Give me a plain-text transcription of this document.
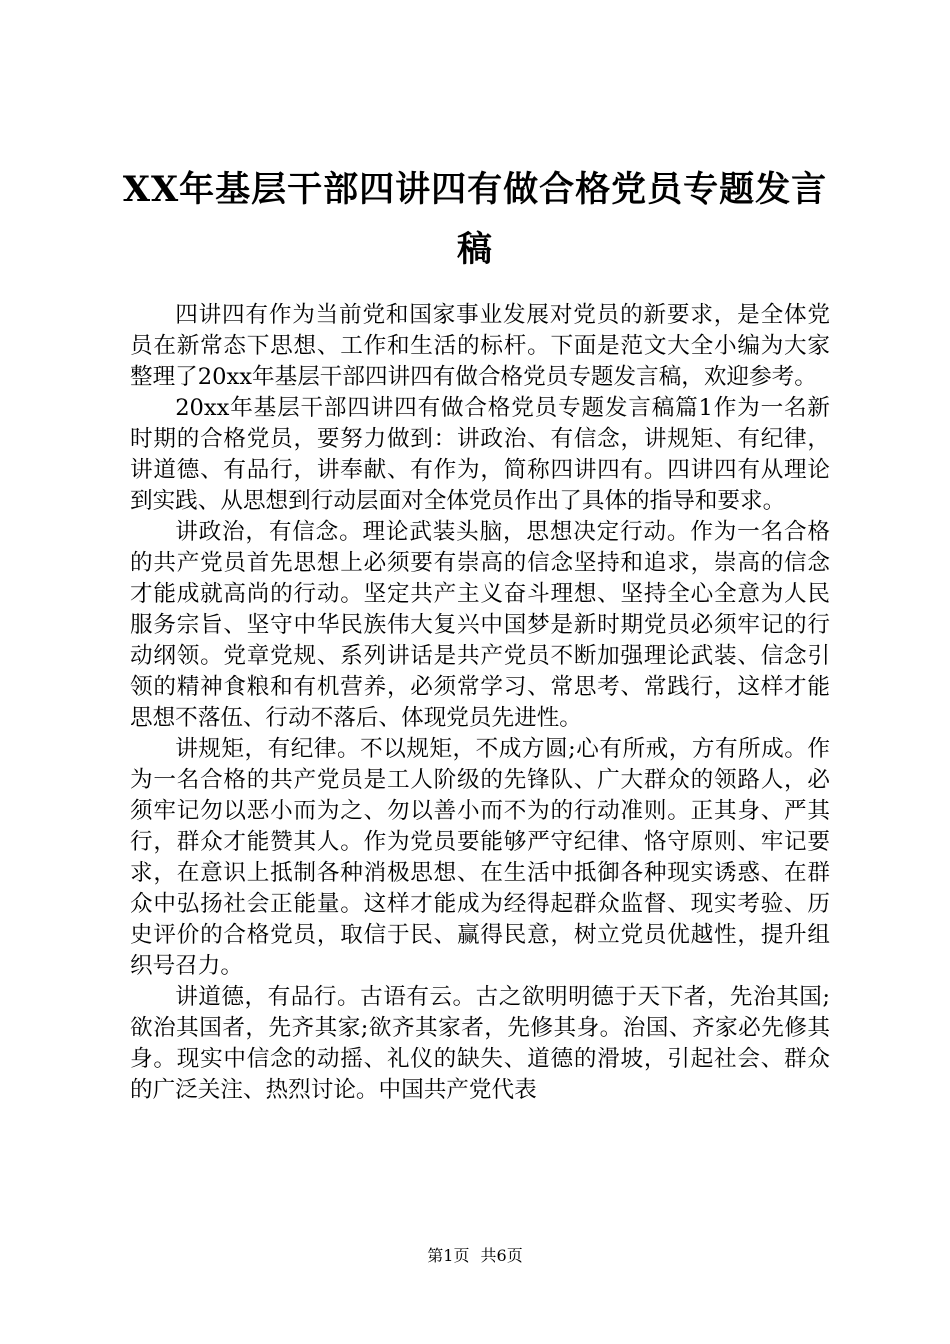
XX年基层干部四讲四有做合格党员专题发言
稿

四讲四有作为当前党和国家事业发展对党员的新要求，是全体党员在新常态下思想、工作和生活的标杆。下面是范文大全小编为大家整理了20xx年基层干部四讲四有做合格党员专题发言稿，欢迎参考。

20xx年基层干部四讲四有做合格党员专题发言稿篇1作为一名新时期的合格党员，要努力做到：讲政治、有信念，讲规矩、有纪律，讲道德、有品行，讲奉献、有作为，简称四讲四有。四讲四有从理论到实践、从思想到行动层面对全体党员作出了具体的指导和要求。

讲政治，有信念。理论武装头脑，思想决定行动。作为一名合格的共产党员首先思想上必须要有崇高的信念坚持和追求，崇高的信念才能成就高尚的行动。坚定共产主义奋斗理想、坚持全心全意为人民服务宗旨、坚守中华民族伟大复兴中国梦是新时期党员必须牢记的行动纲领。党章党规、系列讲话是共产党员不断加强理论武装、信念引领的精神食粮和有机营养，必须常学习、常思考、常践行，这样才能思想不落伍、行动不落后、体现党员先进性。

讲规矩，有纪律。不以规矩，不成方圆;心有所戒，方有所成。作为一名合格的共产党员是工人阶级的先锋队、广大群众的领路人，必须牢记勿以恶小而为之、勿以善小而不为的行动准则。正其身、严其行，群众才能赞其人。作为党员要能够严守纪律、恪守原则、牢记要求，在意识上抵制各种消极思想、在生活中抵御各种现实诱惑、在群众中弘扬社会正能量。这样才能成为经得起群众监督、现实考验、历史评价的合格党员，取信于民、赢得民意，树立党员优越性，提升组织号召力。

讲道德，有品行。古语有云。古之欲明明德于天下者，先治其国;欲治其国者，先齐其家;欲齐其家者，先修其身。治国、齐家必先修其身。现实中信念的动摇、礼仪的缺失、道德的滑坡，引起社会、群众的广泛关注、热烈讨论。中国共产党代表

第1页 共6页
